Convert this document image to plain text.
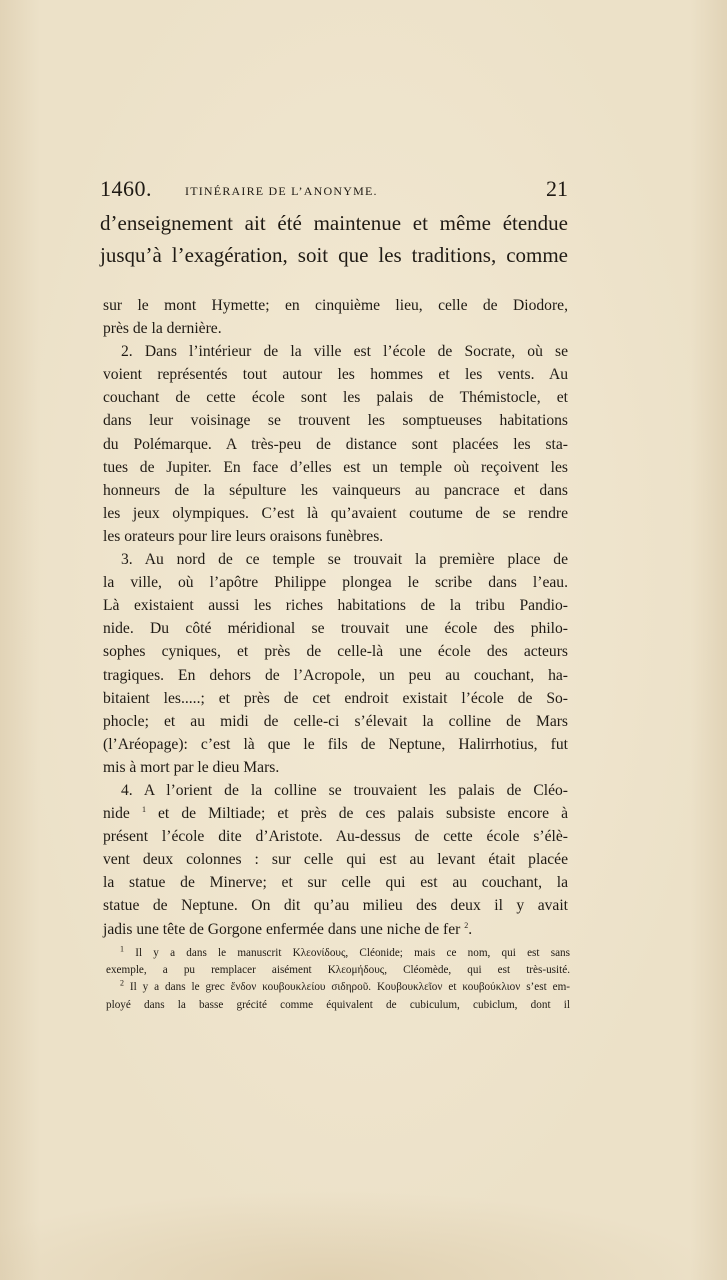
1460.	ITINÉRAIRE DE L’ANONYME.	21
d’enseignement ait été maintenue et même étendue
jusqu’à l’exagération, soit que les traditions, comme
sur le mont Hymette; en cinquième lieu, celle de Diodore,
près de la dernière.
2. Dans l’intérieur de la ville est l’école de Socrate, où se
voient représentés tout autour les hommes et les vents. Au
couchant de cette école sont les palais de Thémistocle, et
dans leur voisinage se trouvent les somptueuses habitations
du Polémarque. A très-peu de distance sont placées les sta-
tues de Jupiter. En face d’elles est un temple où reçoivent les
honneurs de la sépulture les vainqueurs au pancrace et dans
les jeux olympiques. C’est là qu’avaient coutume de se rendre
les orateurs pour lire leurs oraisons funèbres.
3. Au nord de ce temple se trouvait la première place de
la ville, où l’apôtre Philippe plongea le scribe dans l’eau.
Là existaient aussi les riches habitations de la tribu Pandio-
nide. Du côté méridional se trouvait une école des philo-
sophes cyniques, et près de celle-là une école des acteurs
tragiques. En dehors de l’Acropole, un peu au couchant, ha-
bitaient les.....; et près de cet endroit existait l’école de So-
phocle; et au midi de celle-ci s’élevait la colline de Mars
(l’Aréopage): c’est là que le fils de Neptune, Halirrhotius, fut
mis à mort par le dieu Mars.
4. A l’orient de la colline se trouvaient les palais de Cléo-
nide $^1$ et de Miltiade; et près de ces palais subsiste encore à
présent l’école dite d’Aristote. Au-dessus de cette école s’élè-
vent deux colonnes : sur celle qui est au levant était placée
la statue de Minerve; et sur celle qui est au couchant, la
statue de Neptune. On dit qu’au milieu des deux il y avait
jadis une tête de Gorgone enfermée dans une niche de fer $^2$.
$^1$ Il y a dans le manuscrit Κλεονίδους, Cléonide; mais ce nom, qui est sans
exemple, a pu remplacer aisément Κλεομήδους, Cléomède, qui est très-usité.
$^2$ Il y a dans le grec ἔνδον κουβουκλείου σιδηροῦ. Κουβουκλεῖον et κουβούκλιον s’est em-
ployé dans la basse grécité comme équivalent de cubiculum, cubiclum, dont il
